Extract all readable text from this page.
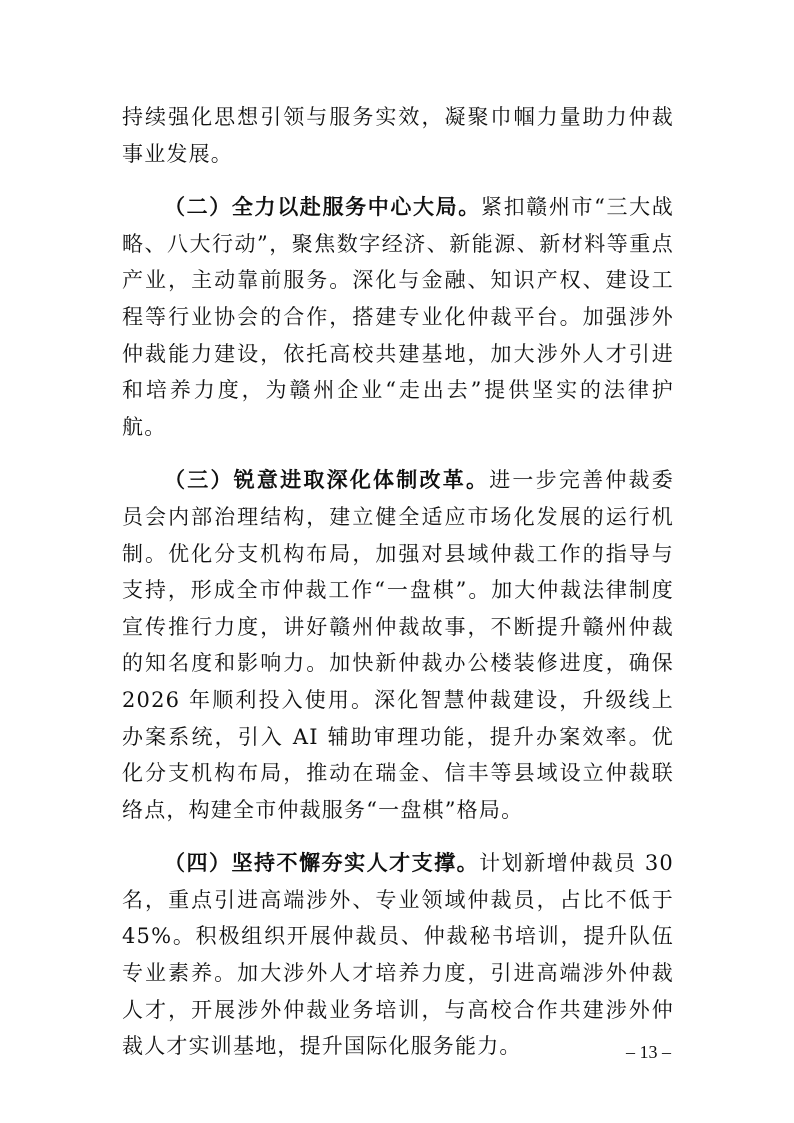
持续强化思想引领与服务实效，凝聚巾帼力量助力仲裁事业发展。

（二）全力以赴服务中心大局。紧扣赣州市“三大战略、八大行动”，聚焦数字经济、新能源、新材料等重点产业，主动靠前服务。深化与金融、知识产权、建设工程等行业协会的合作，搭建专业化仲裁平台。加强涉外仲裁能力建设，依托高校共建基地，加大涉外人才引进和培养力度，为赣州企业“走出去”提供坚实的法律护航。

（三）锐意进取深化体制改革。进一步完善仲裁委员会内部治理结构，建立健全适应市场化发展的运行机制。优化分支机构布局，加强对县域仲裁工作的指导与支持，形成全市仲裁工作“一盘棋”。加大仲裁法律制度宣传推行力度，讲好赣州仲裁故事，不断提升赣州仲裁的知名度和影响力。加快新仲裁办公楼装修进度，确保 2026 年顺利投入使用。深化智慧仲裁建设，升级线上办案系统，引入 AI 辅助审理功能，提升办案效率。优化分支机构布局，推动在瑞金、信丰等县域设立仲裁联络点，构建全市仲裁服务“一盘棋”格局。

（四）坚持不懈夯实人才支撑。计划新增仲裁员 30 名，重点引进高端涉外、专业领域仲裁员，占比不低于 45%。积极组织开展仲裁员、仲裁秘书培训，提升队伍专业素养。加大涉外人才培养力度，引进高端涉外仲裁人才，开展涉外仲裁业务培训，与高校合作共建涉外仲裁人才实训基地，提升国际化服务能力。	– 13 –
